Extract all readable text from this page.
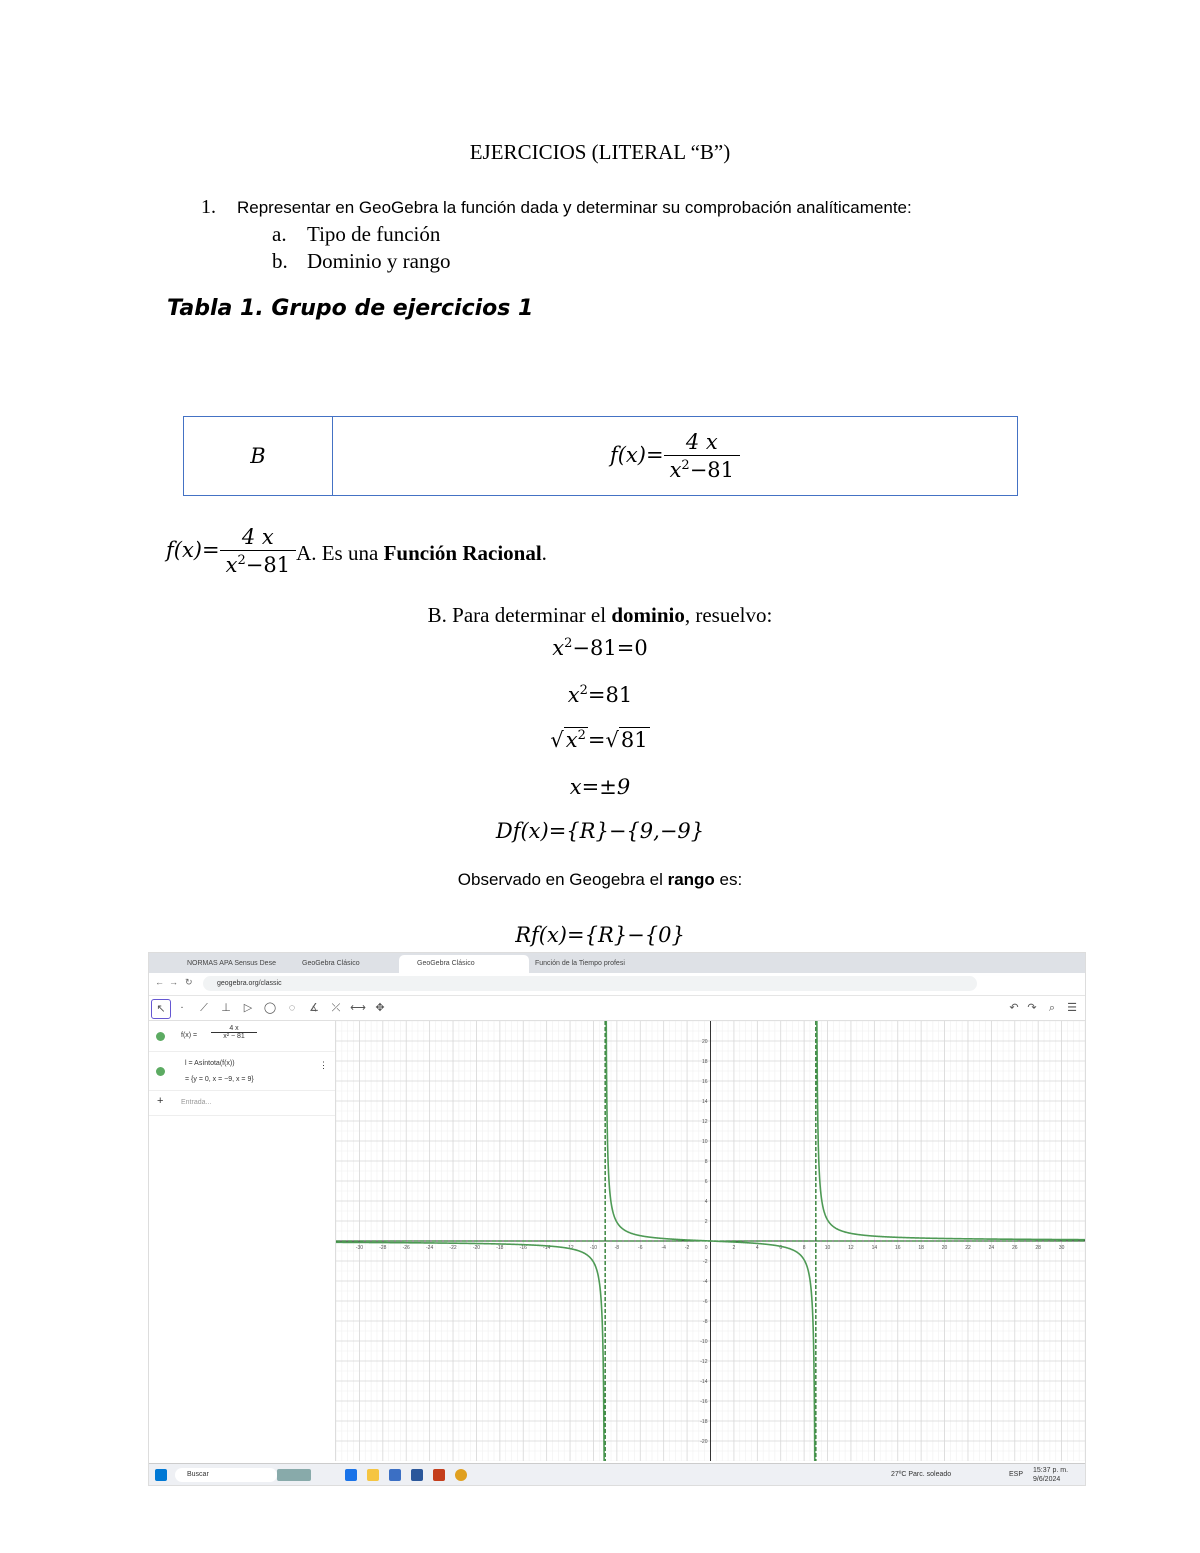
EJERCICIOS (LITERAL “B”)
1. Representar en GeoGebra la función dada y determinar su comprobación analíticamente:
a. Tipo de función
b. Dominio y rango
Tabla 1. Grupo de ejercicios 1
B	$f(x)= \frac{4 x}{x^2-81}$
$f(x)= \frac{4 x}{x^2-81} A$. Es una Función Racional.
B. Para determinar el dominio, resuelvo:
$x^2-81=0$
$x^2=81$
$√x^2=√81$
x=±9
Df(x)={R}−{9,−9}
Observado en Geogebra el rango es:
Rf(x)={R}−{0}
NORMAS APA Sensus Dese	GeoGebra Clásico	GeoGebra Clásico	Función de la Tiempo profesi
← → ↻	geogebra.org/classic
↖	∙	⟋	⊥	▷	◯	◌	∡	⤫ ⟷ ✥	↶ ↷	⌕	☰
$f(x) = \frac{4 x}{\text{x² − 81}}$
l = Asíntota(f(x))
= {y = 0, x = −9, x = 9}
⋮
+	Entrada...
-30	-28	-26	-24	-22	-20	-18	-16	-14	-12	-10	-8	-6	-4	-2	2	4	6	8	10	12	14	16	18	20	22	24	26	28	30
-20
-18
-16
-14
-12
-10
-8
-6
-4
-2
2
4
6
8
10
12
14
16
18
20
0
Buscar	27ºC Parc. soleado	ESP
15:37 p. m.
9/6/2024
